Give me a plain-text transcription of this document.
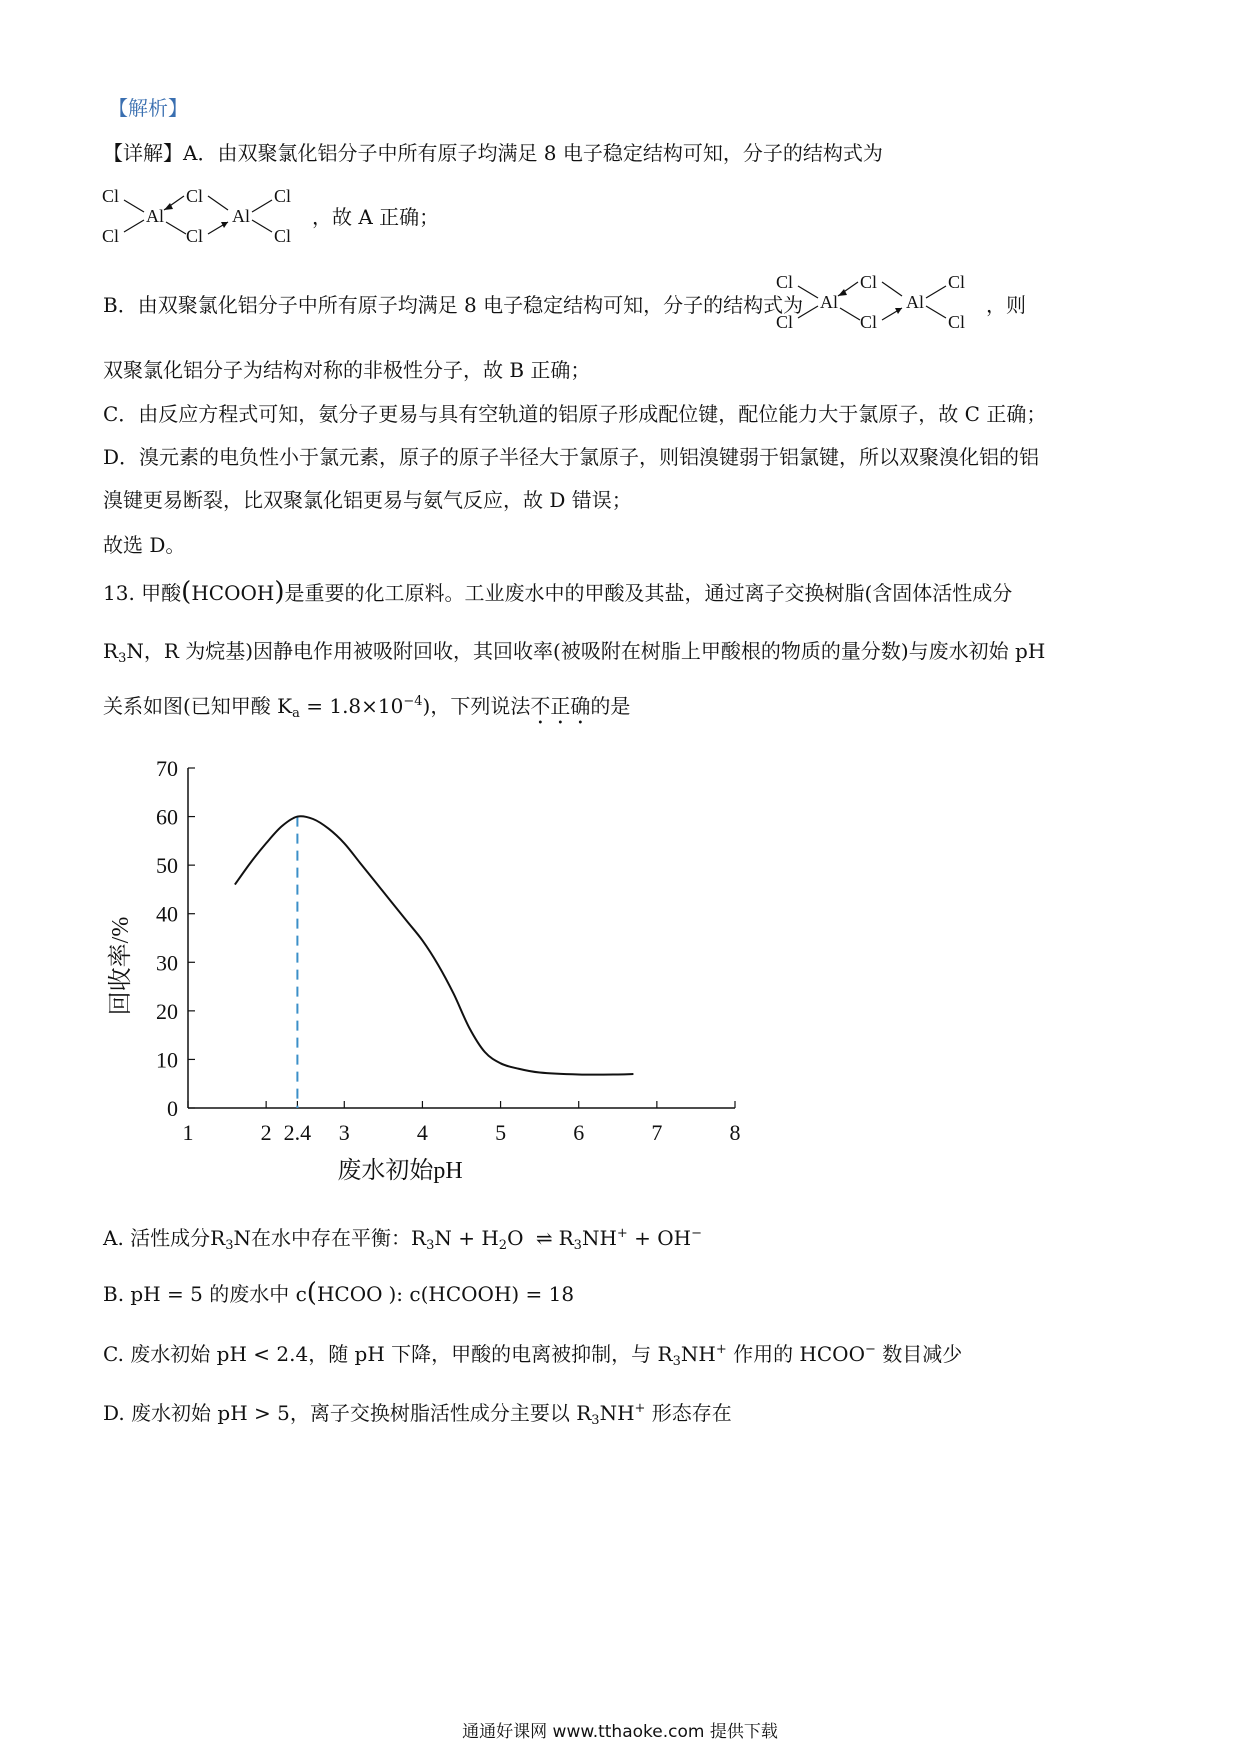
【解析】
【详解】A．由双聚氯化铝分子中所有原子均满足 8 电子稳定结构可知，分子的结构式为
Cl
Cl
Al
Cl
Cl
Al
Cl
Cl
，故 A 正确；
B．由双聚氯化铝分子中所有原子均满足 8 电子稳定结构可知，分子的结构式为
Cl
Cl
Al
Cl
Cl
Al
Cl
Cl
，则
双聚氯化铝分子为结构对称的非极性分子，故 B 正确；
C．由反应方程式可知，氨分子更易与具有空轨道的铝原子形成配位键，配位能力大于氯原子，故 C 正确；
D．溴元素的电负性小于氯元素，原子的原子半径大于氯原子，则铝溴键弱于铝氯键，所以双聚溴化铝的铝
溴键更易断裂，比双聚氯化铝更易与氨气反应，故 D 错误；
故选 D。
13. 甲酸(HCOOH)是重要的化工原料。工业废水中的甲酸及其盐，通过离子交换树脂(含固体活性成分
$R_3N$，R 为烷基)因静电作用被吸附回收，其回收率(被吸附在树脂上甲酸根的物质的量分数)与废水初始 pH
关系如图(已知甲酸 $K_a = 1.8\times 10^{-4}$)，下列说法不正确的是
0
10
20
30
40
50
60
70
1	2 2.4 3	4	5	6	7	8
废水初始pH
回收率/%
A. 活性成分$R_3N$在水中存在平衡：$R_3N + H_2O$ ⇌ $R_3NH^+ + OH^-$
B. pH = 5 的废水中 c(HCOO ): c(HCOOH) = 18
C. 废水初始 pH < 2.4，随 pH 下降，甲酸的电离被抑制，与 $R_3NH^+$ 作用的 HCOO− 数目减少
D. 废水初始 pH > 5，离子交换树脂活性成分主要以 $R_3NH^+$ 形态存在
通通好课网 www.tthaoke.com 提供下载
